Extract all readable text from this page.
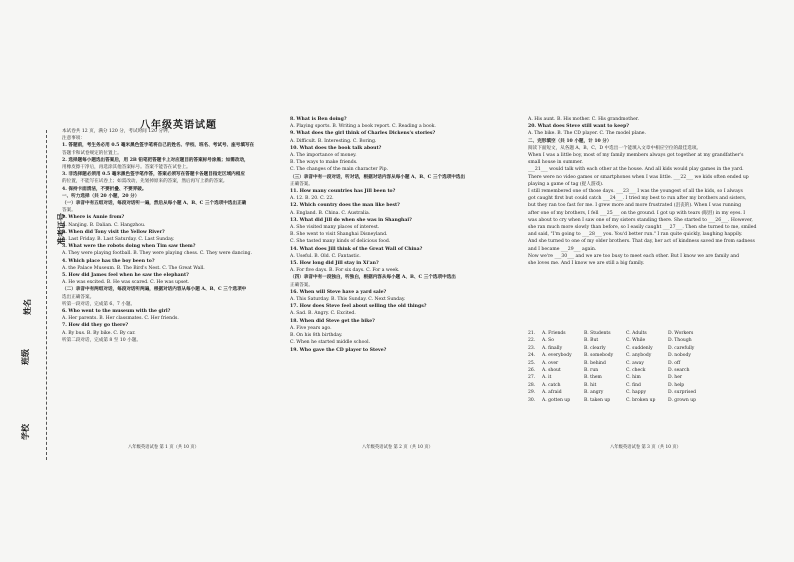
学校
班级
姓名
准考证号
八年级英语试题
本试卷共 12 页，满分 120 分，考试时间 120 分钟。
注意事项：
1. 答题前，考生务必用 0.5 毫米黑色签字笔将自己的姓名、学校、班名、考试号、座号填写在
答题卡和试卷规定的位置上。
2. 选择题每小题选出答案后，用 2B 铅笔把答题卡上对应题目的答案标号涂黑；如需改动，
用橡皮擦干净后，再选涂其他答案标号。答案不能答在试卷上。
3. 非选择题必须用 0.5 毫米黑色签字笔作答，答案必须写在答题卡各题目指定区域内相应
的位置，不能写在试卷上；如需改动，先划掉原来的答案，然后再写上新的答案。
4. 保持卡面清洁，不要折叠、不要弄破。
一、听力选择（共 20 小题，20 分）
（一）录音中有五组对话，每段对话听一遍，然后从每小题 A、B、C 三个选项中选出正确
答案。
1. Where is Annie from?
A. Nanjing. B. Dalian. C. Hangzhou.
2. When did Tony visit the Yellow River?
A. Last Friday. B. Last Saturday. C. Last Sunday.
3. What were the robots doing when Tim saw them?
A. They were playing football. B. They were playing chess. C. They were dancing.
4. Which place has the boy been to?
A. the Palace Museum. B. The Bird's Nest. C. The Great Wall.
5. How did James feel when he saw the elephant?
A. He was excited. B. He was scared. C. He was upset.
（二）录音中有两组对话，每段对话听两遍，根据对话内容从每小题 A、B、C 三个选项中
选出正确答案。
听第一段对话，完成第 6、7 小题。
6. Who went to the museum with the girl?
A. Her parents. B. Her classmates. C. Her friends.
7. How did they go there?
A. By bus. B. By bike. C. By car.
听第二段对话，完成第 8 至 10 小题。
8. What is Ben doing?
A. Playing sports. B. Writing a book report. C. Reading a book.
9. What does the girl think of Charles Dickens's stories?
A. Difficult. B. Interesting. C. Boring.
10. What does the book talk about?
A. The importance of money.
B. The ways to make friends.
C. The changes of the main character Pip.
（三）录音中有一段对话，听对话，根据对话内容从每小题 A、B、C 三个选项中选出
正确答案。
11. How many countries has Jill been to?
A. 12. B. 20. C. 22.
12. Which country does the man like best?
A. England. B. China. C. Australia.
13. What did Jill do when she was in Shanghai?
A. She visited many places of interest.
B. She went to visit Shanghai Disneyland.
C. She tasted many kinds of delicious food.
14. What does Jill think of the Great Wall of China?
A. Useful. B. Old. C. Fantastic.
15. How long did Jill stay in Xi'an?
A. For five days. B. For six days. C. For a week.
（四）录音中有一段独白，听独白，根据内容从每小题 A、B、C 三个选项中选出
正确答案。
16. When will Steve have a yard sale?
A. This Saturday. B. This Sunday. C. Next Sunday.
17. How does Steve feel about selling the old things?
A. Sad. B. Angry. C. Excited.
18. When did Steve get the bike?
A. Five years ago.
B. On his 8th birthday.
C. When he started middle school.
19. Who gave the CD player to Steve?
A. His aunt. B. His mother. C. His grandmother.
20. What does Steve still want to keep?
A. The bike. B. The CD player. C. The model plane.
二、完形填空（共 10 小题，计 10 分）
阅读下面短文，从各题 A、B、C、D 中选出一个能填入文章中相应空位的最佳选项。
When I was a little boy, most of my family members always got together at my grandfather's
small house in summer.
___21___ would talk with each other at the house. And all kids would play games in the yard.
There were no video games or smartphones when I was little. ___22___ we kids often ended up
playing a game of tag (捉人游戏).
I still remembered one of those days. ___23___ I was the youngest of all the kids, so I always
got caught first but could catch ___24___. I tried my best to run after my brothers and sisters,
but they ran too fast for me. I grew more and more frustrated (沮丧的). When I was running
after one of my brothers, I fell ___25___ on the ground. I got up with tears (眼泪) in my eyes. I
was about to cry when I saw one of my sisters standing there. She started to ___26___. However,
she ran much more slowly than before, so I easily caught ___27___. Then she turned to me, smiled
and said, "I'm going to ___28___ you. You'd better run." I ran quite quickly, laughing happily.
And she turned to one of my older brothers. That day, her act of kindness saved me from sadness
and I became ___29___ again.
Now we're ___30___ and we are too busy to meet each other. But I know we are family and
she loves me. And I know we are still a big family.
21.	A. Friends	B. Students	C. Adults	D. Workers
22.	A. So	B. But	C. While	D. Though
23.	A. finally	B. clearly	C. suddenly	D. carefully
24.	A. everybody	B. somebody	C. anybody	D. nobody
25.	A. over	B. behind	C. away	D. off
26.	A. shout	B. run	C. check	D. search
27.	A. it	B. them	C. him	D. her
28.	A. catch	B. hit	C. find	D. help
29.	A. afraid	B. angry	C. happy	D. surprised
30.	A. gotten up	B. taken up	C. broken up	D. grown up
八年级英语试卷 第 1 页（共 10 页）	八年级英语试卷 第 2 页（共 10 页）	八年级英语试卷 第 3 页（共 10 页）
